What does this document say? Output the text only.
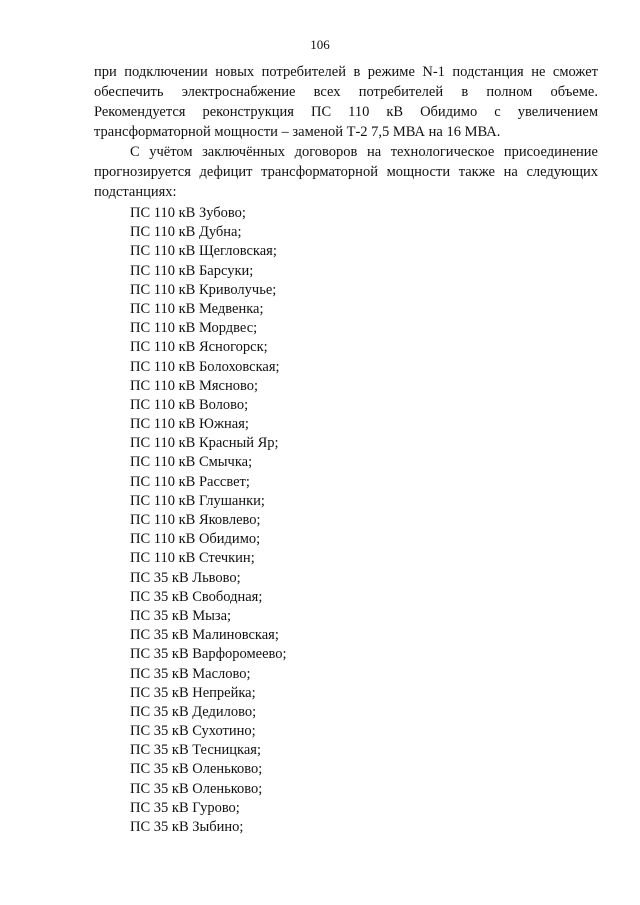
106

при подключении новых потребителей в режиме N-1 подстанция не сможет
обеспечить электроснабжение всех потребителей в полном объеме.
Рекомендуется реконструкция ПС 110 кВ Обидимо с увеличением
трансформаторной мощности – заменой Т-2 7,5 МВА на 16 МВА.

С учётом заключённых договоров на технологическое присоединение
прогнозируется дефицит трансформаторной мощности также на следующих
подстанциях:

ПС 110 кВ Зубово;
ПС 110 кВ Дубна;
ПС 110 кВ Щегловская;
ПС 110 кВ Барсуки;
ПС 110 кВ Криволучье;
ПС 110 кВ Медвенка;
ПС 110 кВ Мордвес;
ПС 110 кВ Ясногорск;
ПС 110 кВ Болоховская;
ПС 110 кВ Мясново;
ПС 110 кВ Волово;
ПС 110 кВ Южная;
ПС 110 кВ Красный Яр;
ПС 110 кВ Смычка;
ПС 110 кВ Рассвет;
ПС 110 кВ Глушанки;
ПС 110 кВ Яковлево;
ПС 110 кВ Обидимо;
ПС 110 кВ Стечкин;
ПС 35 кВ Львово;
ПС 35 кВ Свободная;
ПС 35 кВ Мыза;
ПС 35 кВ Малиновская;
ПС 35 кВ Варфоромеево;
ПС 35 кВ Маслово;
ПС 35 кВ Непрейка;
ПС 35 кВ Дедилово;
ПС 35 кВ Сухотино;
ПС 35 кВ Тесницкая;
ПС 35 кВ Оленьково;
ПС 35 кВ Оленьково;
ПС 35 кВ Гурово;
ПС 35 кВ Зыбино;
